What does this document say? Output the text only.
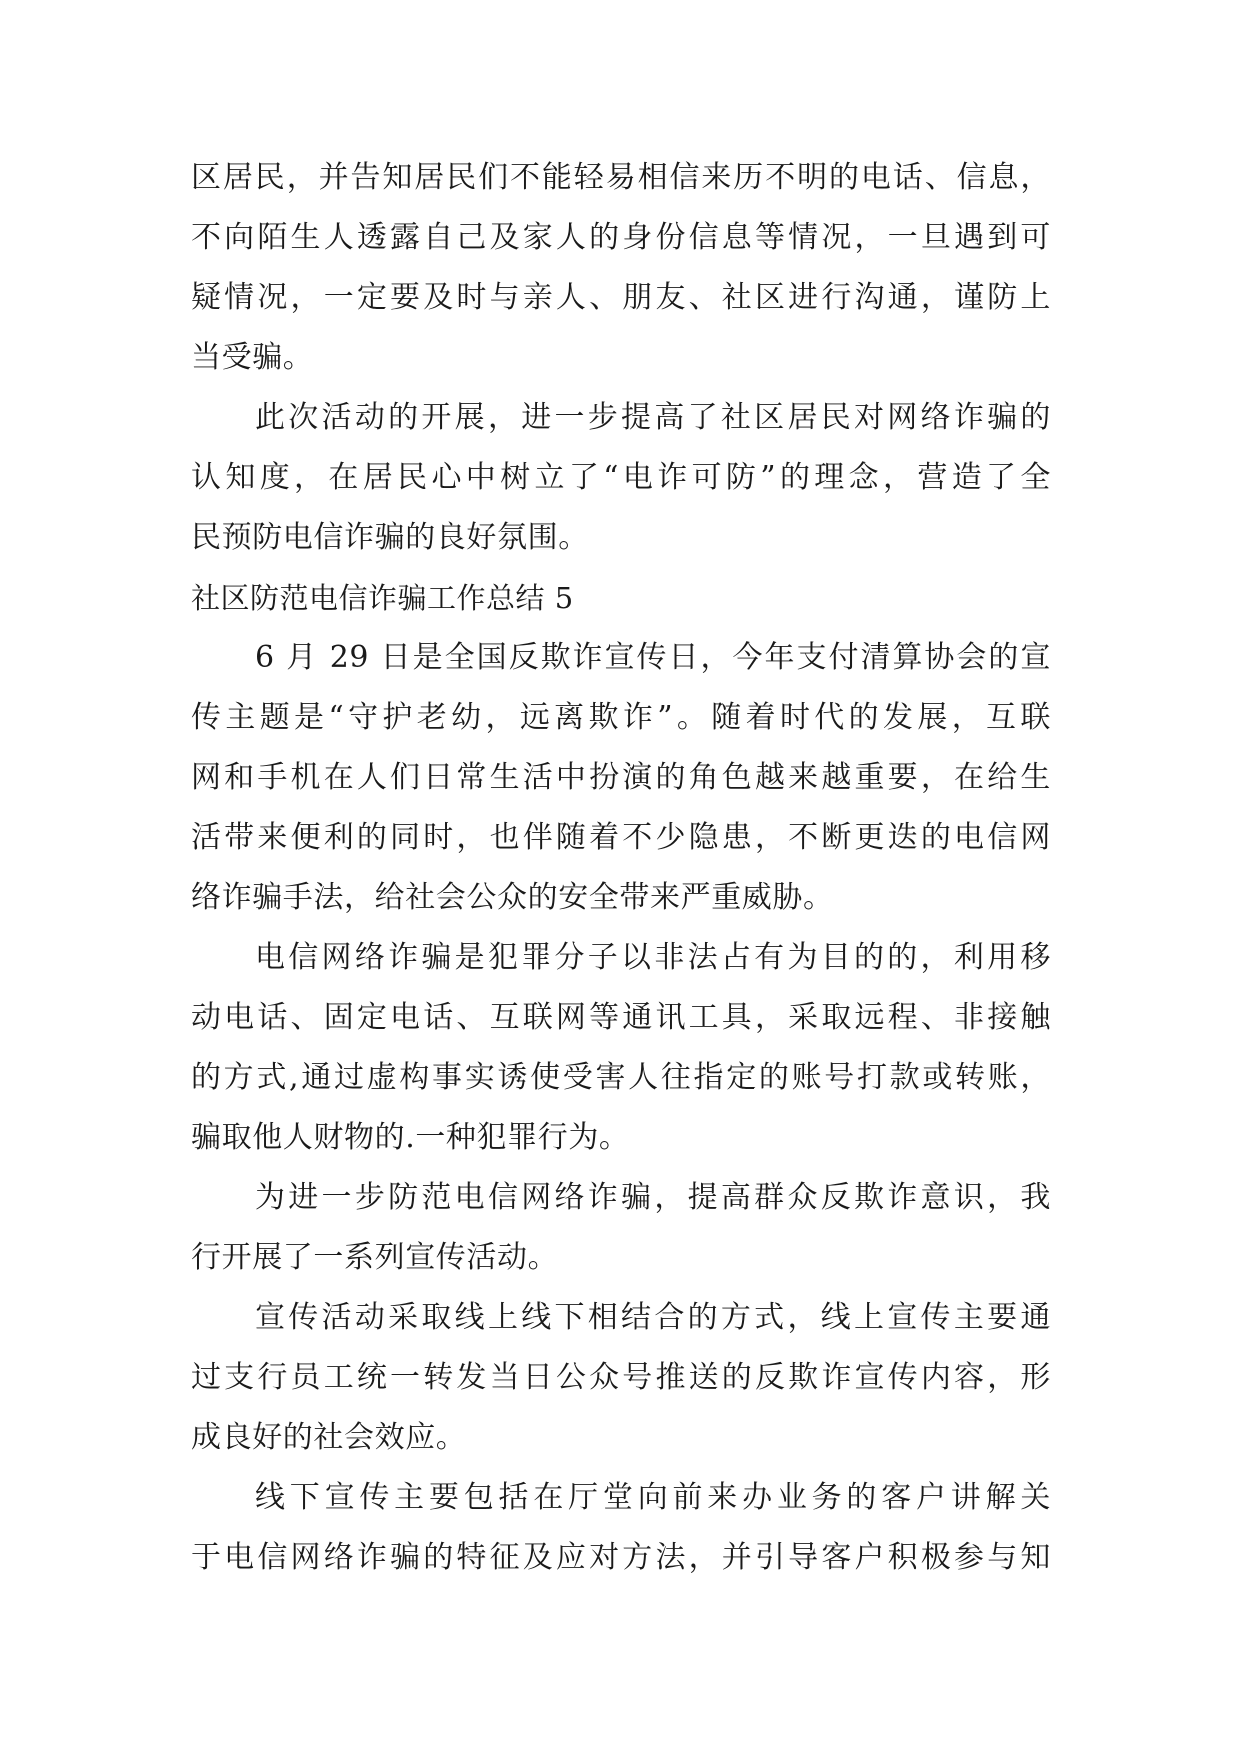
区居民，并告知居民们不能轻易相信来历不明的电话、信息，
不向陌生人透露自己及家人的身份信息等情况，一旦遇到可
疑情况，一定要及时与亲人、朋友、社区进行沟通，谨防上
当受骗。
此次活动的开展，进一步提高了社区居民对网络诈骗的
认知度，在居民心中树立了“电诈可防”的理念，营造了全
民预防电信诈骗的良好氛围。
社区防范电信诈骗工作总结 5
6 月 29 日是全国反欺诈宣传日，今年支付清算协会的宣
传主题是“守护老幼，远离欺诈”。随着时代的发展，互联
网和手机在人们日常生活中扮演的角色越来越重要，在给生
活带来便利的同时，也伴随着不少隐患，不断更迭的电信网
络诈骗手法，给社会公众的安全带来严重威胁。
电信网络诈骗是犯罪分子以非法占有为目的的，利用移
动电话、固定电话、互联网等通讯工具，采取远程、非接触
的方式,通过虚构事实诱使受害人往指定的账号打款或转账，
骗取他人财物的.一种犯罪行为。
为进一步防范电信网络诈骗，提高群众反欺诈意识，我
行开展了一系列宣传活动。
宣传活动采取线上线下相结合的方式，线上宣传主要通
过支行员工统一转发当日公众号推送的反欺诈宣传内容，形
成良好的社会效应。
线下宣传主要包括在厅堂向前来办业务的客户讲解关
于电信网络诈骗的特征及应对方法，并引导客户积极参与知
